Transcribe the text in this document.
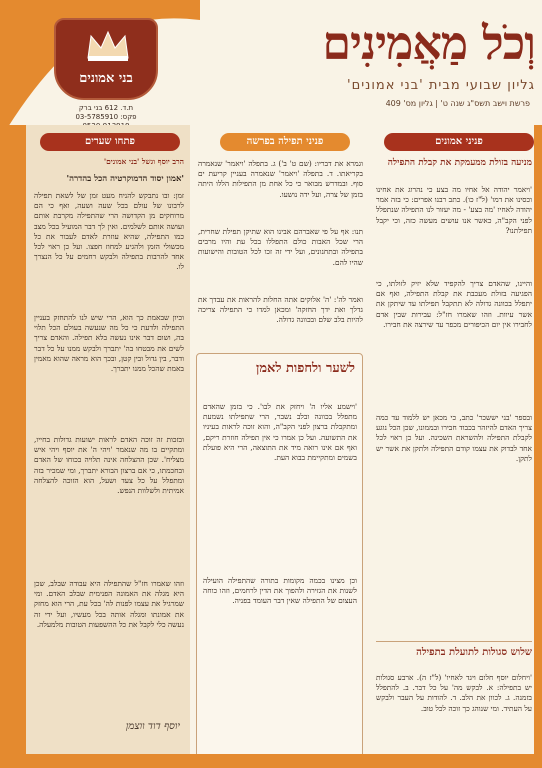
בני אמונים
ת.ד. 612 בני ברק
03-5785910 :פקס
וְכֹל מַאֲמִינִים
גליון שבועי מבית 'בני אמונים'
פרשת וישב תשס"ג שנה ט' | גליון מס' 409
פתחו שערים
הרב יוסף וגשל 'בני אמונים'
'אמון יסוד הדמוקרטיה הכל בהדרה'
זמן: ובו נתבקש להניח מעט זמן של לשאת תפילה לרבונו של עולם בכל שעה ושעה, ואף כי הם מרוחקים מן הקדושה הרי שהתפילה מקרבת אותם ועושה אותם לשלמים. ואין לך דבר המועיל בכל מצב כמו התפילה, שהיא עוזרת לאדם לעבור את כל מכשולי הזמן ולהגיע למחוז חפצו. ועל כן ראוי לכל אחד להרבות בתפילה ולבקש רחמים על כל הנצרך לו.
וכיון שבאמת כך הוא, הרי שיש לנו להתחזק בעניין התפילה ולדעת כי כל מה שנעשה בעולם הכל תלוי בה, ושום דבר אינו נעשה בלא תפילה. והאדם צריך לשים את מבטחו בה' יתברך ולבקש ממנו על כל דבר ודבר, בין גדול ובין קטן, ובכך הוא מראה שהוא מאמין באמת שהכל ממנו יתברך.
ובזכות זה זוכה האדם לראות ישועות גדולות בחייו, ומתקיים בו מה שנאמר 'ויהי ה' את יוסף ויהי איש מצליח'. שכן ההצלחה אינה תלויה בכוחו של האדם ובחכמתו, כי אם ברצון הבורא יתברך, ומי שמכיר בזה ומתפלל על כל צעד ושעל, הוא הזוכה להצלחה אמיתית ולשלוות הנפש.
וזהו שאמרו חז"ל שהתפילה היא עבודה שבלב, שכן היא מגלה את האמונה הפנימית שבלב האדם. ומי שמרגיל את עצמו לפנות לה' בכל עת, הרי הוא מחזק את אמונתו ומגלה אותה בכל מעשיו, ועל ידי זה נעשה כלי לקבל את כל ההשפעות הטובות מלמעלה.
יוסף דוד ווצמן
פניני תפילה בפרשה
וגמרא את דבריו: (שם ט' ב') ג. בתפלה 'ויאמר' שנאמרה בקריאתו. ד. בתפלה 'ויאמר' שנאמרה בעניין קריעת ים סוף. ובמדרש מבואר כי כל אחת מן התפילות הללו היתה בזמן של צרה, ועל ידה נושעו.
תנו: אף על פי שאברהם אבינו הוא שתיקן תפילת שחרית, הרי שכל האבות כולם התפללו בכל עת והיו מרבים בתפילה ובתחנונים, ועל ידי זה זכו לכל הטובות והישועות שהיו להם.
ואמר לה': 'ה' אלוקים אתה החלות להראות את עבדך את גדלך ואת ידך החזקה' ומכאן למדו כי התפילה צריכה להיות בלב שלם ובכוונה גדולה.
לשער ולחפות לאמן
'וישמע אליו ה' ויחזק את לבו'. כי בזמן שהאדם מתפלל בכוונה ובלב נשבר, הרי שתפילתו נשמעת ומתקבלת ברצון לפני הקב"ה, והוא זוכה לראות בעיניו את התשועה. ועל כן אמרו כי אין תפילה חוזרת ריקם, ואף אם אינו רואה מיד את התוצאה, הרי היא פועלת בשמים ומתקיימת בבוא העת.
וכן מצינו בכמה מקומות בתורה שהתפילה הועילה לשנות את הגזירה ולהפוך את הדין לרחמים, וזהו כוחה העצום של התפילה שאין דבר העומד בפניה.
פניני אמונים
מניעה בזולת ממעמקת את קבלת התפילה
'ויאמר יהודה אל אחיו מה בצע כי נהרוג את אחינו וכסינו את דמו' (ל"ז כו). כתב רבנו אפרים: כי בזה אמר יהודה לאחיו 'מה בצע' - מה יעזור לנו התפילה שנתפלל לפני הקב"ה, כאשר אנו עושים מעשה כזה, וכי יקבל תפילתנו?
והיינו, שהאדם צריך להקפיד שלא יזיק לזולתו, כי הפגיעה בזולת מעכבת את קבלת התפילה, ואף אם יתפלל בכוונה גדולה לא תתקבל תפילתו עד שיתקן את אשר עיוות. וזהו שאמרו חז"ל: עבירות שבין אדם לחבירו אין יום הכיפורים מכפר עד שירצה את חבירו.
ובספר 'בני יששכר' כתב, כי מכאן יש ללמוד עד כמה צריך האדם להיזהר בכבוד חבירו ובממונו, שכן הכל נוגע לקבלת התפילה ולהשראת השכינה. ועל כן ראוי לכל אחד לבדוק את עצמו קודם התפילה ולתקן את אשר יש לתקן.
שלוש סגולות לתועלת בתפילה
'ויחלום יוסף חלום ויגד לאחיו' (ל"ז ה). ארבע סגולות יש בתפילה: א. לבקש מה' על כל דבר. ב. להתפלל בזמנה. ג. לכוון את הלב. ד. להודות על העבר ולבקש על העתיד. ומי שנוהג כך זוכה לכל טוב.
